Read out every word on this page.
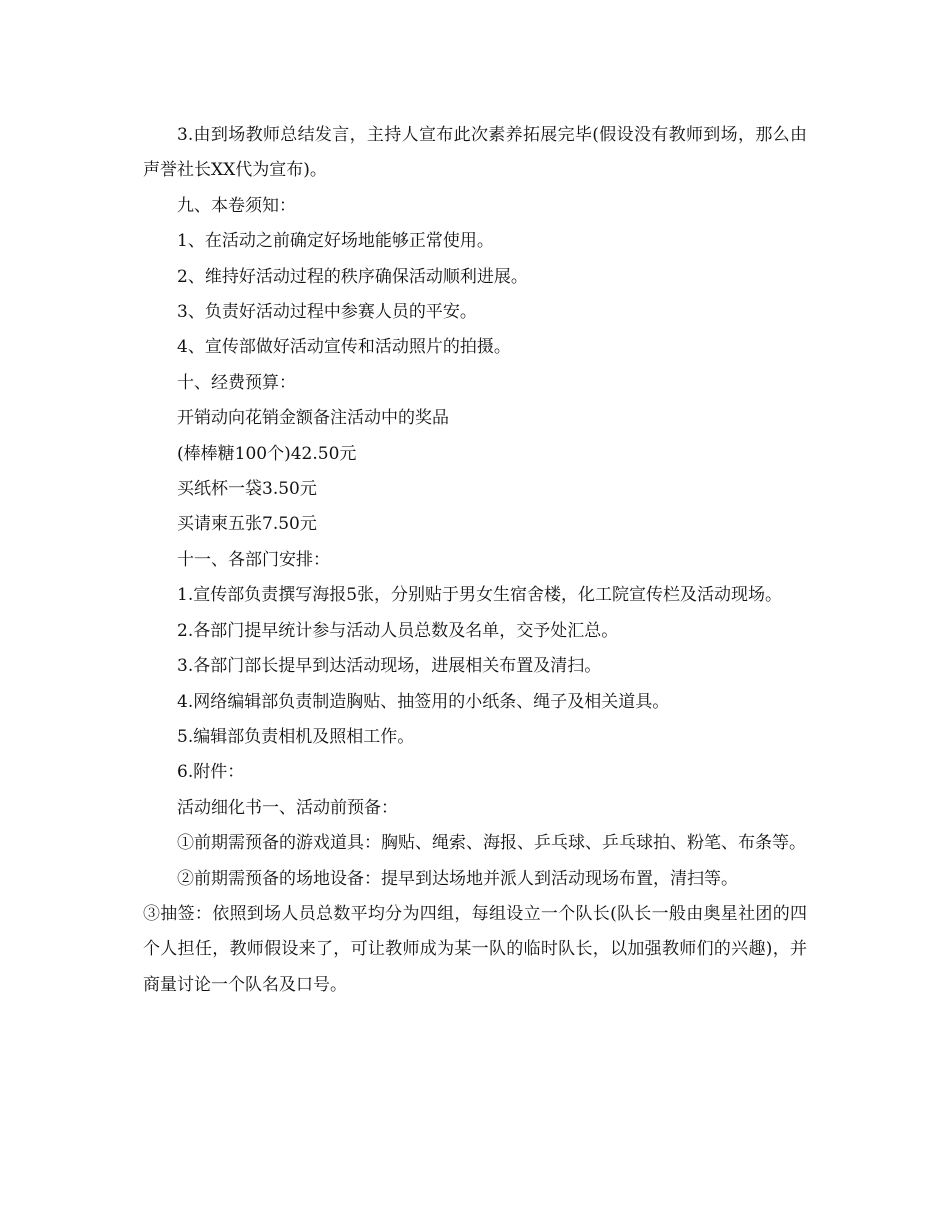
3.由到场教师总结发言，主持人宣布此次素养拓展完毕(假设没有教师到场，那么由声誉社长XX代为宣布)。

九、本卷须知：

1、在活动之前确定好场地能够正常使用。

2、维持好活动过程的秩序确保活动顺利进展。

3、负责好活动过程中参赛人员的平安。

4、宣传部做好活动宣传和活动照片的拍摄。

十、经费预算：

开销动向花销金额备注活动中的奖品

(棒棒糖100个)42.50元

买纸杯一袋3.50元

买请柬五张7.50元

十一、各部门安排：

1.宣传部负责撰写海报5张，分别贴于男女生宿舍楼，化工院宣传栏及活动现场。

2.各部门提早统计参与活动人员总数及名单，交予处汇总。

3.各部门部长提早到达活动现场，进展相关布置及清扫。

4.网络编辑部负责制造胸贴、抽签用的小纸条、绳子及相关道具。

5.编辑部负责相机及照相工作。

6.附件：

活动细化书一、活动前预备：

①前期需预备的游戏道具：胸贴、绳索、海报、乒乓球、乒乓球拍、粉笔、布条等。

②前期需预备的场地设备：提早到达场地并派人到活动现场布置，清扫等。

③抽签：依照到场人员总数平均分为四组，每组设立一个队长(队长一般由奥星社团的四个人担任，教师假设来了，可让教师成为某一队的临时队长，以加强教师们的兴趣)，并商量讨论一个队名及口号。
